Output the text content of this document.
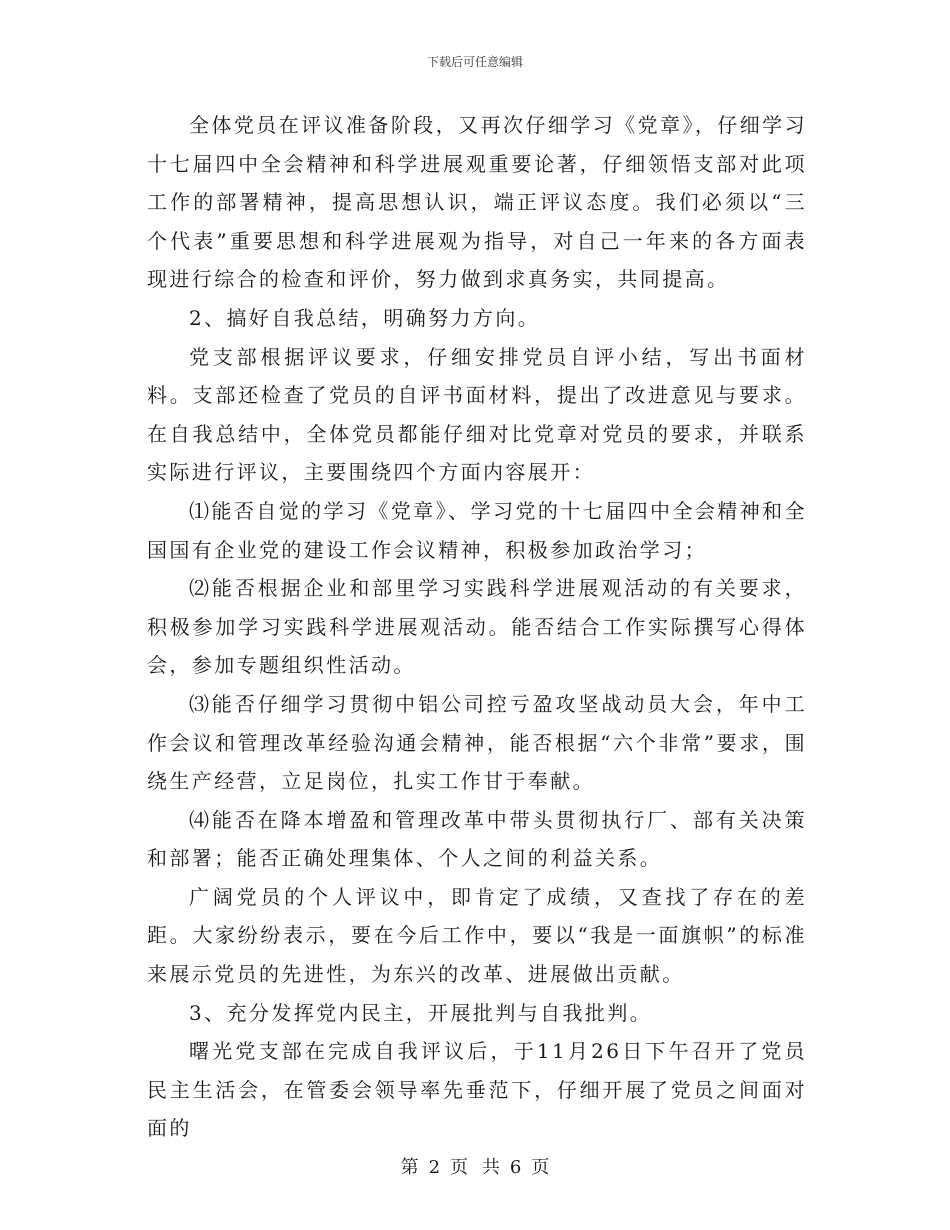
下载后可任意编辑

全体党员在评议准备阶段，又再次仔细学习《党章》，仔细学习十七届四中全会精神和科学进展观重要论著，仔细领悟支部对此项工作的部署精神，提高思想认识，端正评议态度。我们必须以“三个代表”重要思想和科学进展观为指导，对自己一年来的各方面表现进行综合的检查和评价，努力做到求真务实，共同提高。

2、搞好自我总结，明确努力方向。

党支部根据评议要求，仔细安排党员自评小结，写出书面材料。支部还检查了党员的自评书面材料，提出了改进意见与要求。在自我总结中，全体党员都能仔细对比党章对党员的要求，并联系实际进行评议，主要围绕四个方面内容展开：

⑴能否自觉的学习《党章》、学习党的十七届四中全会精神和全国国有企业党的建设工作会议精神，积极参加政治学习；

⑵能否根据企业和部里学习实践科学进展观活动的有关要求，积极参加学习实践科学进展观活动。能否结合工作实际撰写心得体会，参加专题组织性活动。

⑶能否仔细学习贯彻中铝公司控亏盈攻坚战动员大会，年中工作会议和管理改革经验沟通会精神，能否根据“六个非常”要求，围绕生产经营，立足岗位，扎实工作甘于奉献。

⑷能否在降本增盈和管理改革中带头贯彻执行厂、部有关决策和部署；能否正确处理集体、个人之间的利益关系。

广阔党员的个人评议中，即肯定了成绩，又查找了存在的差距。大家纷纷表示，要在今后工作中，要以“我是一面旗帜”的标准来展示党员的先进性，为东兴的改革、进展做出贡献。

3、充分发挥党内民主，开展批判与自我批判。

曙光党支部在完成自我评议后，于11月26日下午召开了党员民主生活会，在管委会领导率先垂范下，仔细开展了党员之间面对面的

第 2 页 共 6 页
